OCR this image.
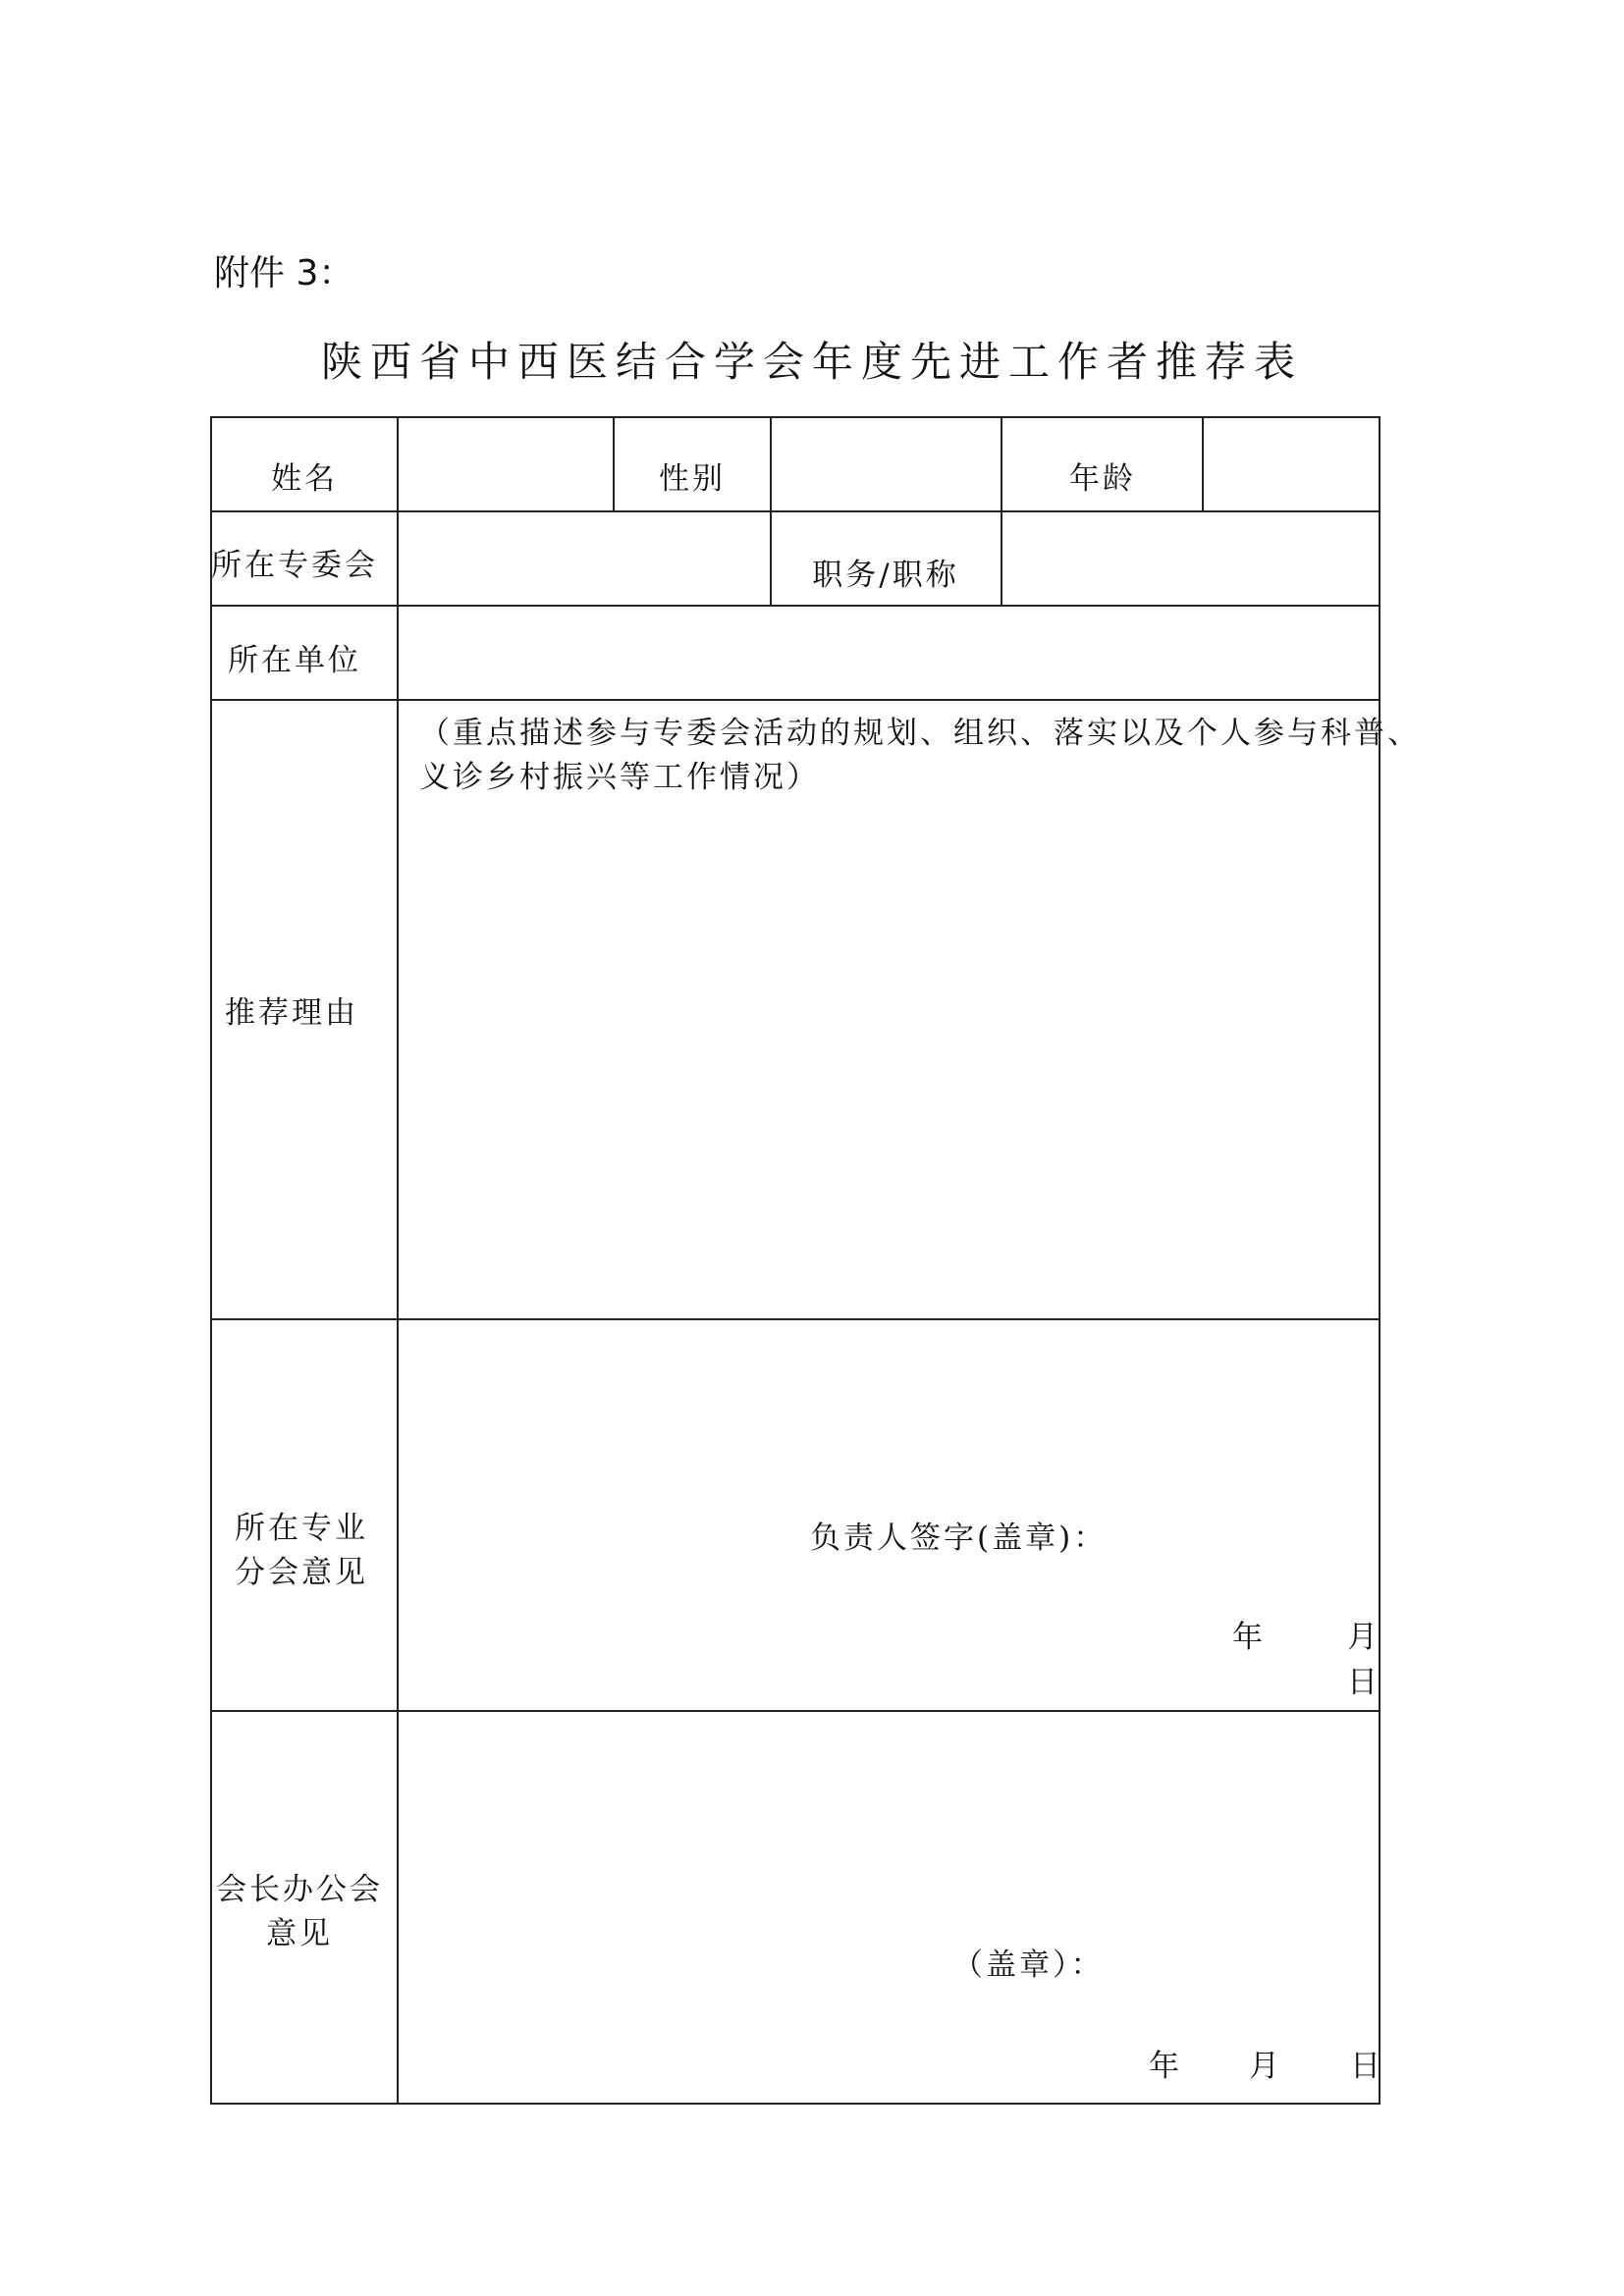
附件 3：
陕西省中西医结合学会年度先进工作者推荐表
姓名	性别	年龄
所在专委会	职务/职称
所在单位
推荐理由
（重点描述参与专委会活动的规划、组织、落实以及个人参与科普、
义诊乡村振兴等工作情况）
所在专业
分会意见
负责人签字(盖章)：
年	月
日
会长办公会
意见
（盖章）：
年 月 日
